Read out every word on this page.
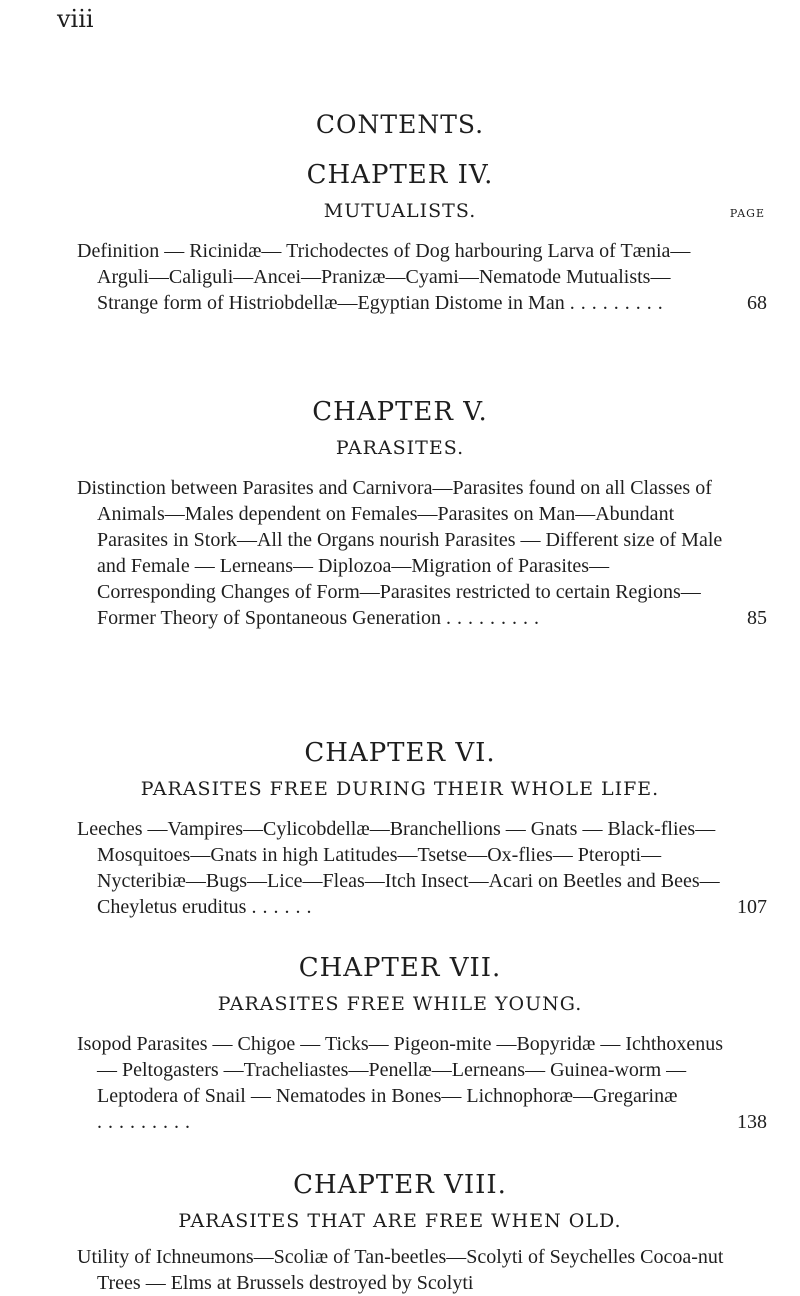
viii
CONTENTS.
PAGE

CHAPTER IV.

MUTUALISTS.

Definition — Ricinidæ— Trichodectes of Dog harbouring Larva of Tænia—Arguli—Caliguli—Ancei—Pranizæ—Cyami—Nematode Mutualists—Strange form of Histriobdellæ—Egyptian Distome in Man .........	68

CHAPTER V.

PARASITES.

Distinction between Parasites and Carnivora—Parasites found on all Classes of Animals—Males dependent on Females—Parasites on Man—Abundant Parasites in Stork—All the Organs nourish Parasites — Different size of Male and Female — Lerneans— Diplozoa—Migration of Parasites—Corresponding Changes of Form—Parasites restricted to certain Regions—Former Theory of Spontaneous Generation .........	85

CHAPTER VI.

PARASITES FREE DURING THEIR WHOLE LIFE.

Leeches —Vampires—Cylicobdellæ—Branchellions — Gnats — Black-flies—Mosquitoes—Gnats in high Latitudes—Tsetse—Ox-flies— Pteropti—Nycteribiæ—Bugs—Lice—Fleas—Itch Insect—Acari on Beetles and Bees—Cheyletus eruditus ......	107

CHAPTER VII.

PARASITES FREE WHILE YOUNG.

Isopod Parasites — Chigoe — Ticks— Pigeon-mite —Bopyridæ — Ichthoxenus — Peltogasters —Tracheliastes—Penellæ—Lerneans— Guinea-worm — Leptodera of Snail — Nematodes in Bones— Lichnophoræ—Gregarinæ .........	138

CHAPTER VIII.

PARASITES THAT ARE FREE WHEN OLD.

Utility of Ichneumons—Scoliæ of Tan-beetles—Scolyti of Seychelles Cocoa-nut Trees — Elms at Brussels destroyed by Scolyti
